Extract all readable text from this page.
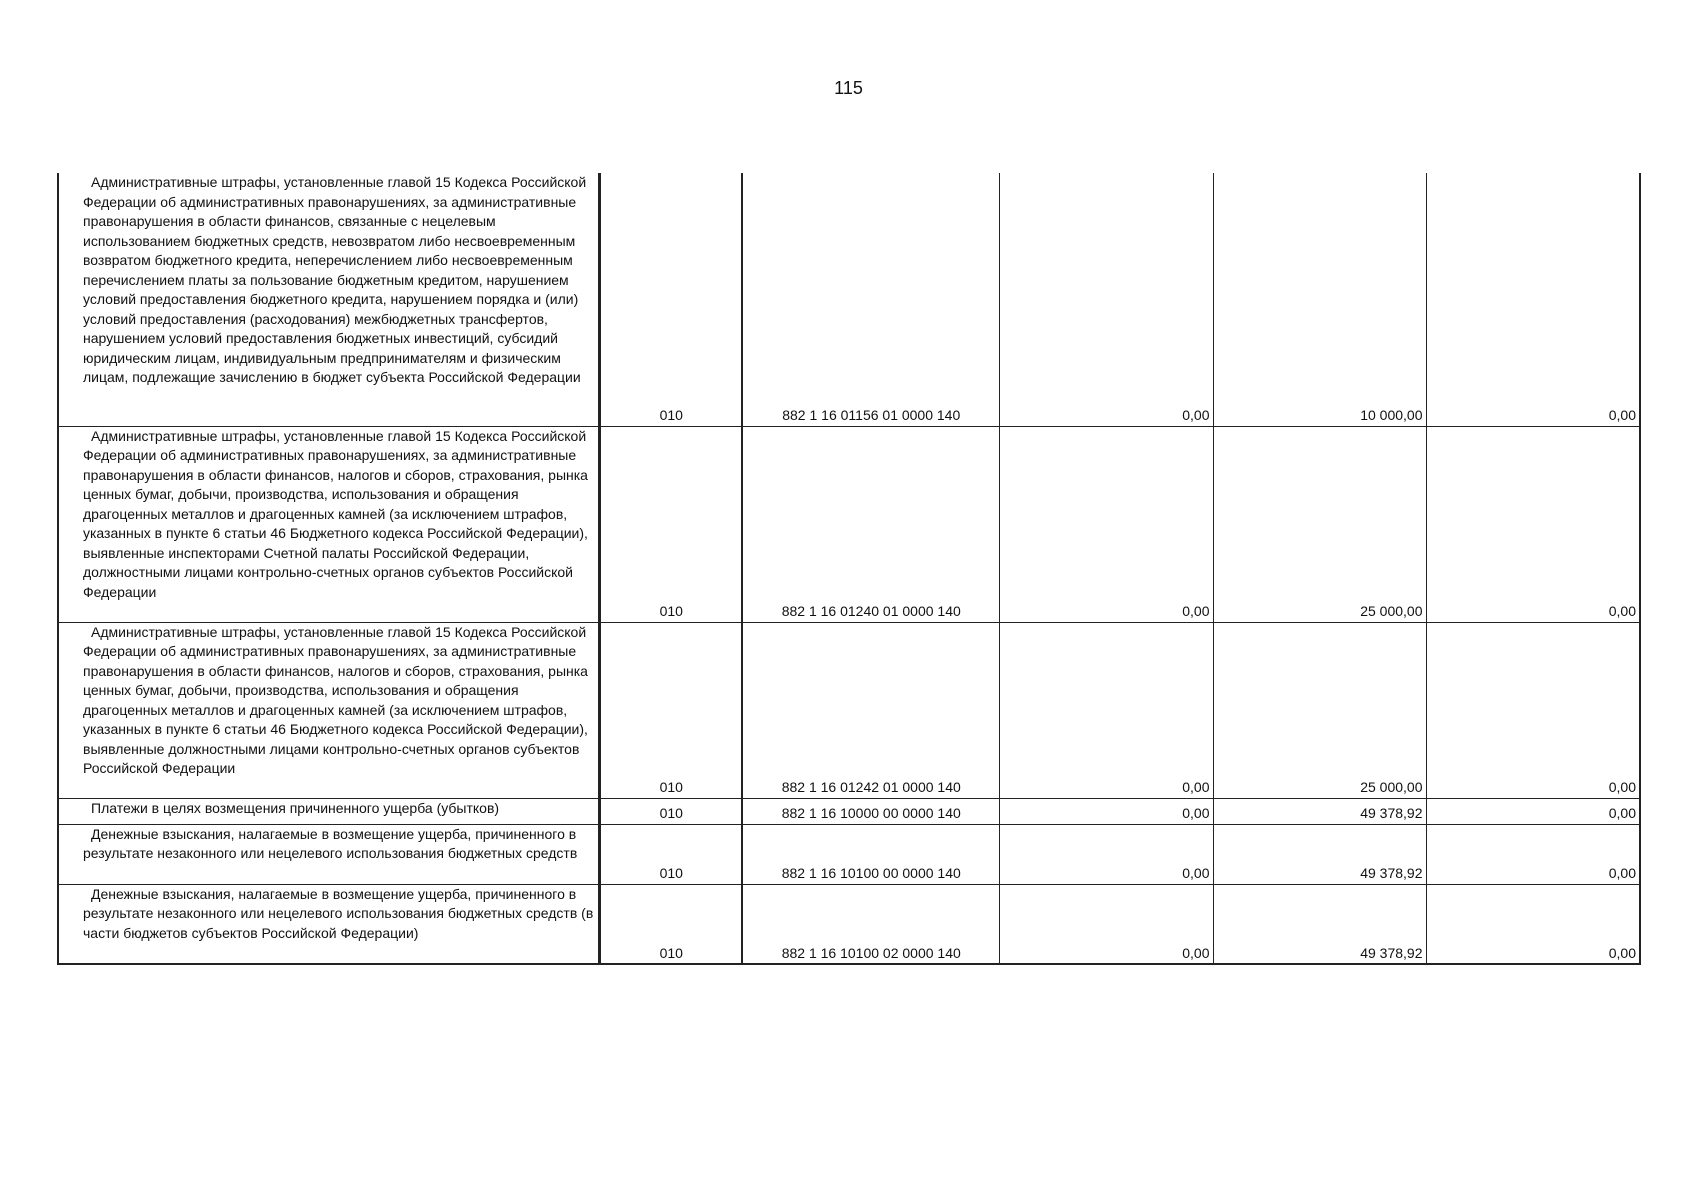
115
Административные штрафы, установленные главой 15 Кодекса Российской Федерации об административных правонарушениях, за административные правонарушения в области финансов, связанные с нецелевым использованием бюджетных средств, невозвратом либо несвоевременным возвратом бюджетного кредита, неперечислением либо несвоевременным перечислением платы за пользование бюджетным кредитом, нарушением условий предоставления бюджетного кредита, нарушением порядка и (или) условий предоставления (расходования) межбюджетных трансфертов, нарушением условий предоставления бюджетных инвестиций, субсидий юридическим лицам, индивидуальным предпринимателям и физическим лицам, подлежащие зачислению в бюджет субъекта Российской Федерации	010	882 1 16 01156 01 0000 140	0,00	10 000,00	0,00

Административные штрафы, установленные главой 15 Кодекса Российской Федерации об административных правонарушениях, за административные правонарушения в области финансов, налогов и сборов, страхования, рынка ценных бумаг, добычи, производства, использования и обращения драгоценных металлов и драгоценных камней (за исключением штрафов, указанных в пункте 6 статьи 46 Бюджетного кодекса Российской Федерации), выявленные инспекторами Счетной палаты Российской Федерации, должностными лицами контрольно-счетных органов субъектов Российской Федерации	010	882 1 16 01240 01 0000 140	0,00	25 000,00	0,00

Административные штрафы, установленные главой 15 Кодекса Российской Федерации об административных правонарушениях, за административные правонарушения в области финансов, налогов и сборов, страхования, рынка ценных бумаг, добычи, производства, использования и обращения драгоценных металлов и драгоценных камней (за исключением штрафов, указанных в пункте 6 статьи 46 Бюджетного кодекса Российской Федерации), выявленные должностными лицами контрольно-счетных органов субъектов Российской Федерации	010	882 1 16 01242 01 0000 140	0,00	25 000,00	0,00

Платежи в целях возмещения причиненного ущерба (убытков)	010	882 1 16 10000 00 0000 140	0,00	49 378,92	0,00

Денежные взыскания, налагаемые в возмещение ущерба, причиненного в результате незаконного или нецелевого использования бюджетных средств	010	882 1 16 10100 00 0000 140	0,00	49 378,92	0,00

Денежные взыскания, налагаемые в возмещение ущерба, причиненного в результате незаконного или нецелевого использования бюджетных средств (в части бюджетов субъектов Российской Федерации)	010	882 1 16 10100 02 0000 140	0,00	49 378,92	0,00
